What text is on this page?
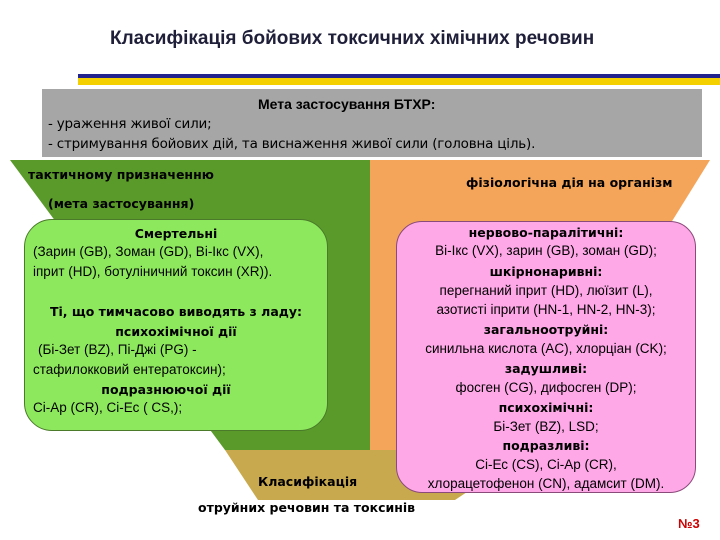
Класифікація бойових токсичних хімічних речовин
Мета застосування БТХР:
- ураження живої сили;
- стримування бойових дій, та виснаження живої сили (головна ціль).
тактичному призначенню
(мета застосування)
фізіологічна дія на організм
Смертельні
(Зарин (GB), Зоман (GD), Ві-Ікс (VX),
іприт (HD), ботуліничний токсин (XR)).
Ті, що тимчасово виводять з ладу:
психохімічної дії
(Бі-Зет (BZ), Пі-Джі (PG) -
стафилокковий ентератоксин);
подразнюючої дії
Сі-Ар (CR), Сі-Ес ( CS,);
нервово-паралітичні:
Ві-Ікс (VX), зарин (GB), зоман (GD);
шкірнонаривні:
перегнаний іприт (HD), люїзит (L),
азотисті іприти (HN-1, HN-2, HN-3);
загальноотруйні:
синильна кислота (AC), хлорціан (CK);
задушливі:
фосген (CG), дифосген (DP);
психохімічні:
Бі-Зет (BZ), LSD;
подразливі:
Сі-Ес (CS), Сі-Ар (CR),
хлорацетофенон (CN), адамсит (DM).
Класифікація
отруйних речовин та токсинів
№3
